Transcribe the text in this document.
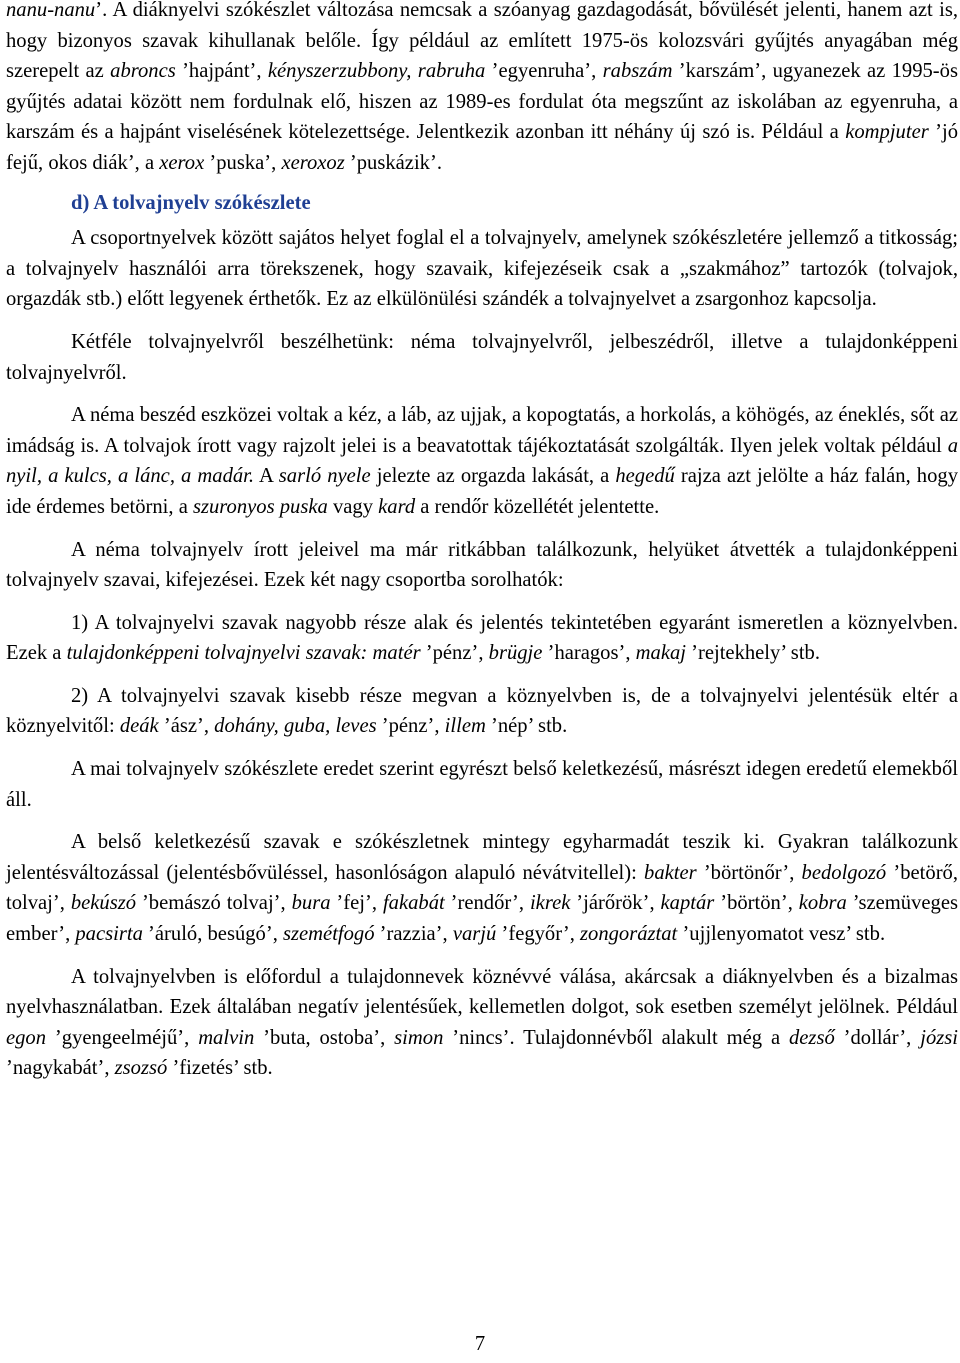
nanu-nanu’. A diáknyelvi szókészlet változása nemcsak a szóanyag gazdagodását, bővülését jelenti, hanem azt is, hogy bizonyos szavak kihullanak belőle. Így például az említett 1975-ös kolozsvári gyűjtés anyagában még szerepelt az abroncs ’hajpánt’, kényszerzubbony, rabruha ’egyenruha’, rabszám ’karszám’, ugyanezek az 1995-ös gyűjtés adatai között nem fordulnak elő, hiszen az 1989-es fordulat óta megszűnt az iskolában az egyenruha, a karszám és a hajpánt viselésének kötelezettsége. Jelentkezik azonban itt néhány új szó is. Például a kompjuter ’jó fejű, okos diák’, a xerox ’puska’, xeroxoz ’puskázik’.

d) A tolvajnyelv szókészlete

A csoportnyelvek között sajátos helyet foglal el a tolvajnyelv, amelynek szókészletére jellemző a titkosság; a tolvajnyelv használói arra törekszenek, hogy szavaik, kifejezéseik csak a „szakmához” tartozók (tolvajok, orgazdák stb.) előtt legyenek érthetők. Ez az elkülönülési szándék a tolvajnyelvet a zsargonhoz kapcsolja.

Kétféle tolvajnyelvről beszélhetünk: néma tolvajnyelvről, jelbeszédről, illetve a tulajdonképpeni tolvajnyelvről.

A néma beszéd eszközei voltak a kéz, a láb, az ujjak, a kopogtatás, a horkolás, a köhögés, az éneklés, sőt az imádság is. A tolvajok írott vagy rajzolt jelei is a beavatottak tájékoztatását szolgálták. Ilyen jelek voltak például a nyil, a kulcs, a lánc, a madár. A sarló nyele jelezte az orgazda lakását, a hegedű rajza azt jelölte a ház falán, hogy ide érdemes betörni, a szuronyos puska vagy kard a rendőr közellétét jelentette.

A néma tolvajnyelv írott jeleivel ma már ritkábban találkozunk, helyüket átvették a tulajdonképpeni tolvajnyelv szavai, kifejezései. Ezek két nagy csoportba sorolhatók:

1) A tolvajnyelvi szavak nagyobb része alak és jelentés tekintetében egyaránt ismeretlen a köznyelvben. Ezek a tulajdonképpeni tolvajnyelvi szavak: matér ’pénz’, brügje ’haragos’, makaj ’rejtekhely’ stb.

2) A tolvajnyelvi szavak kisebb része megvan a köznyelvben is, de a tolvajnyelvi jelentésük eltér a köznyelvitől: deák ’ász’, dohány, guba, leves ’pénz’, illem ’nép’ stb.

A mai tolvajnyelv szókészlete eredet szerint egyrészt belső keletkezésű, másrészt idegen eredetű elemekből áll.

A belső keletkezésű szavak e szókészletnek mintegy egyharmadát teszik ki. Gyakran találkozunk jelentésváltozással (jelentésbővüléssel, hasonlóságon alapuló névátvitellel): bakter ’börtönőr’, bedolgozó ’betörő, tolvaj’, bekúszó ’bemászó tolvaj’, bura ’fej’, fakabát ’rendőr’, ikrek ’járőrök’, kaptár ’börtön’, kobra ’szemüveges ember’, pacsirta ’áruló, besúgó’, szemétfogó ’razzia’, varjú ’fegyőr’, zongoráztat ’ujjlenyomatot vesz’ stb.

A tolvajnyelvben is előfordul a tulajdonnevek köznévvé válása, akárcsak a diáknyelvben és a bizalmas nyelvhasználatban. Ezek általában negatív jelentésűek, kellemetlen dolgot, sok esetben személyt jelölnek. Például egon ’gyengeelméjű’, malvin ’buta, ostoba’, simon ’nincs’. Tulajdonnévből alakult még a dezső ’dollár’, józsi ’nagykabát’, zsozsó ’fizetés’ stb.

7
